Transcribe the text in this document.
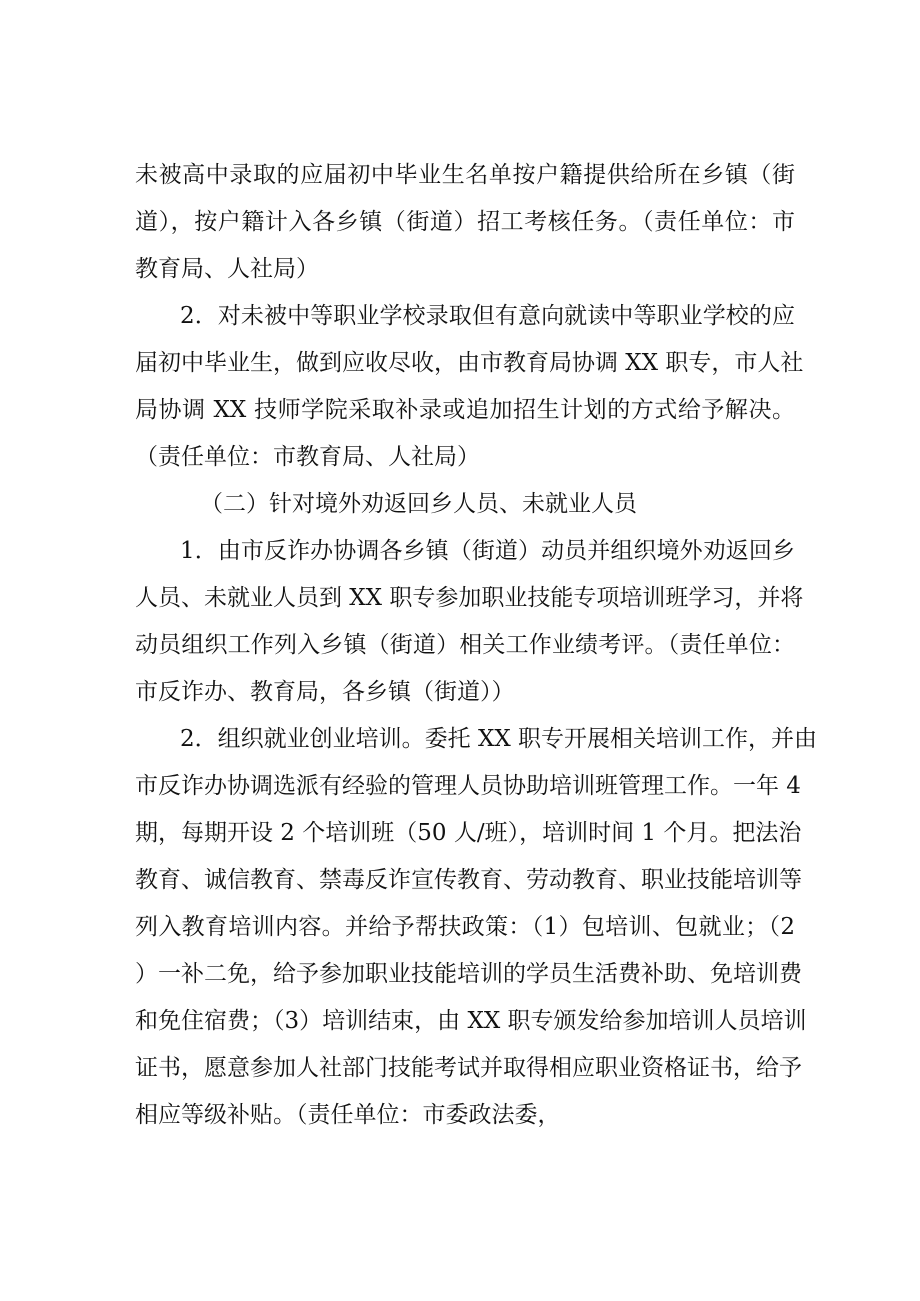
未被高中录取的应届初中毕业生名单按户籍提供给所在乡镇（街
道），按户籍计入各乡镇（街道）招工考核任务。（责任单位：市
教育局、人社局）
2．对未被中等职业学校录取但有意向就读中等职业学校的应
届初中毕业生，做到应收尽收，由市教育局协调 XX 职专，市人社
局协调 XX 技师学院采取补录或追加招生计划的方式给予解决。
（责任单位：市教育局、人社局）
（二）针对境外劝返回乡人员、未就业人员
1．由市反诈办协调各乡镇（街道）动员并组织境外劝返回乡
人员、未就业人员到 XX 职专参加职业技能专项培训班学习，并将
动员组织工作列入乡镇（街道）相关工作业绩考评。（责任单位：
市反诈办、教育局，各乡镇（街道））
2．组织就业创业培训。委托 XX 职专开展相关培训工作，并由
市反诈办协调选派有经验的管理人员协助培训班管理工作。一年 4
期，每期开设 2 个培训班（50 人/班），培训时间 1 个月。把法治
教育、诚信教育、禁毒反诈宣传教育、劳动教育、职业技能培训等
列入教育培训内容。并给予帮扶政策：（1）包培训、包就业；（2
）一补二免，给予参加职业技能培训的学员生活费补助、免培训费
和免住宿费；（3）培训结束，由 XX 职专颁发给参加培训人员培训
证书，愿意参加人社部门技能考试并取得相应职业资格证书，给予
相应等级补贴。（责任单位：市委政法委，
